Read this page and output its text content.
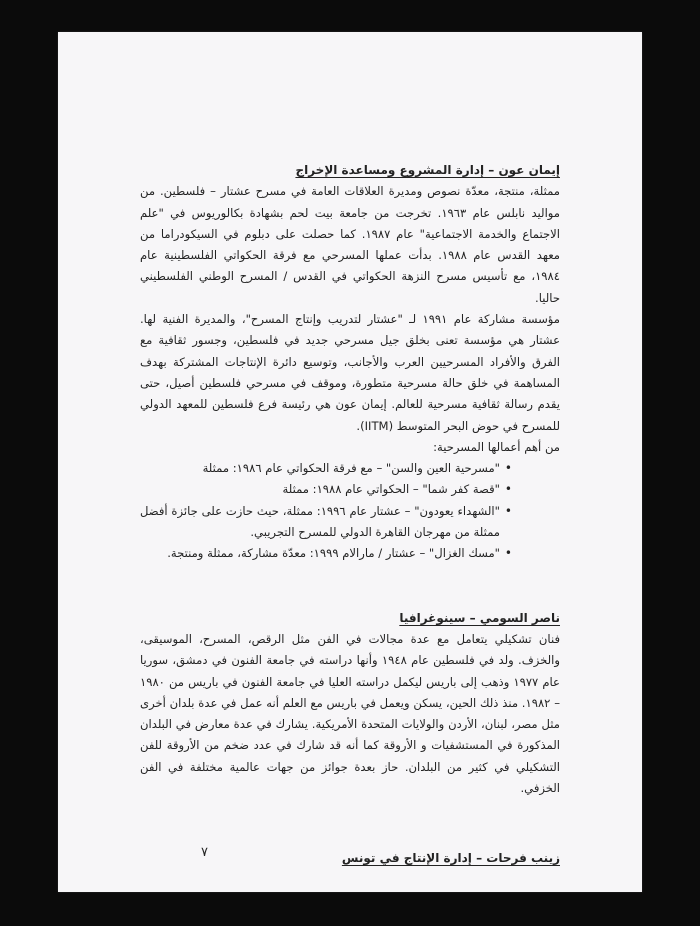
إيمان عون – إدارة المشروع ومساعدة الإخراج

ممثلة، منتجة، معدّة نصوص ومديرة العلاقات العامة في مسرح عشتار – فلسطين. من مواليد نابلس عام ١٩٦٣. تخرجت من جامعة بيت لحم بشهادة بكالوريوس في "علم الاجتماع والخدمة الاجتماعية" عام ١٩٨٧. كما حصلت على دبلوم في السيكودراما من معهد القدس عام ١٩٨٨. بدأت عملها المسرحي مع فرقة الحكواتي الفلسطينية عام ١٩٨٤، مع تأسيس مسرح النزهة الحكواتي في القدس / المسرح الوطني الفلسطيني حاليا.

مؤسسة مشاركة عام ١٩٩١ لـ "عشتار لتدريب وإنتاج المسرح"، والمديرة الفنية لها. عشتار هي مؤسسة تعنى بخلق جيل مسرحي جديد في فلسطين، وجسور ثقافية مع الفرق والأفراد المسرحيين العرب والأجانب، وتوسيع دائرة الإنتاجات المشتركة بهدف المساهمة في خلق حالة مسرحية متطورة، وموقف في مسرحي فلسطين أصيل، حتى يقدم رسالة ثقافية مسرحية للعالم. إيمان عون هي رئيسة فرع فلسطين للمعهد الدولي للمسرح في حوض البحر المتوسط (IITM).

من أهم أعمالها المسرحية:

• "مسرحية العين والسن" – مع فرقة الحكواتي عام ١٩٨٦: ممثلة
• "قصة كفر شما" – الحكواتي عام ١٩٨٨: ممثلة
• "الشهداء يعودون" – عشتار عام ١٩٩٦: ممثلة، حيث حازت على جائزة أفضل ممثلة من مهرجان القاهرة الدولي للمسرح التجريبي.
• "مسك الغزال" – عشتار / مارالام ١٩٩٩: معدّة مشاركة، ممثلة ومنتجة.

ناصر السومي – سينوغرافيا

فنان تشكيلي يتعامل مع عدة مجالات في الفن مثل الرقص، المسرح، الموسيقى، والخزف. ولد في فلسطين عام ١٩٤٨ وأنها دراسته في جامعة الفنون في دمشق، سوريا عام ١٩٧٧ وذهب إلى باريس ليكمل دراسته العليا في جامعة الفنون في باريس من ١٩٨٠ – ١٩٨٢. منذ ذلك الحين، يسكن ويعمل في باريس مع العلم أنه عمل في عدة بلدان أخرى مثل مصر، لبنان، الأردن والولايات المتحدة الأمريكية. يشارك في عدة معارض في البلدان المذكورة في المستشفيات و الأروقة كما أنه قد شارك في عدد ضخم من الأروقة للفن التشكيلي في كثير من البلدان. حاز بعدة جوائز من جهات عالمية مختلفة في الفن الخزفي.

زينب فرحات – إدارة الإنتاج في تونس

٧
